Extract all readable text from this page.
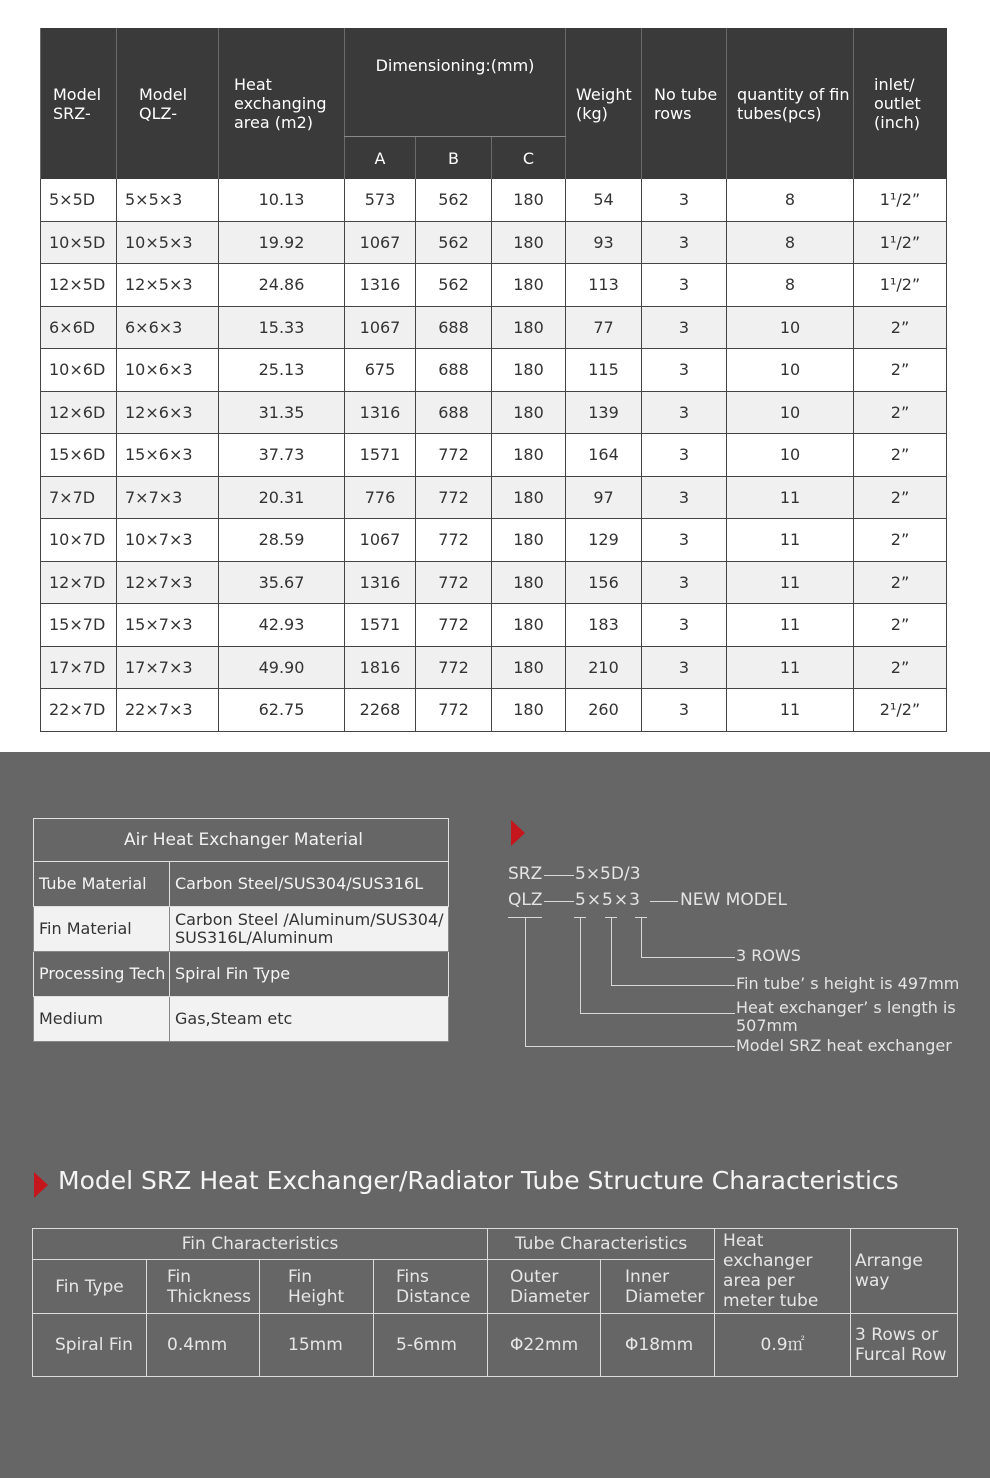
Model SRZ-	Model QLZ-	Heat exchanging area (m2)	Dimensioning:(mm)			Weight (kg)	No tube rows	quantity of fin tubes(pcs)	inlet/ outlet (inch)
			A	B	C				
5×5D	5×5×3	10.13	573	562	180	54	3	8	1¹/2”
10×5D	10×5×3	19.92	1067	562	180	93	3	8	1¹/2”
12×5D	12×5×3	24.86	1316	562	180	113	3	8	1¹/2”
6×6D	6×6×3	15.33	1067	688	180	77	3	10	2”
10×6D	10×6×3	25.13	675	688	180	115	3	10	2”
12×6D	12×6×3	31.35	1316	688	180	139	3	10	2”
15×6D	15×6×3	37.73	1571	772	180	164	3	10	2”
7×7D	7×7×3	20.31	776	772	180	97	3	11	2”
10×7D	10×7×3	28.59	1067	772	180	129	3	11	2”
12×7D	12×7×3	35.67	1316	772	180	156	3	11	2”
15×7D	15×7×3	42.93	1571	772	180	183	3	11	2”
17×7D	17×7×3	49.90	1816	772	180	210	3	11	2”
22×7D	22×7×3	62.75	2268	772	180	260	3	11	2¹/2”
Air Heat Exchanger Material	
Tube Material	Carbon Steel/SUS304/SUS316L
Fin Material	Carbon Steel /Aluminum/SUS304/ SUS316L/Aluminum
Processing Tech	Spiral Fin Type
Medium	Gas,Steam etc
SRZ 5×5D/3
QLZ 5×5×3 NEW MODEL
3 ROWS
Fin tube’ s height is 497mm
Heat exchanger’ s length is 507mm
Model SRZ heat exchanger
Model SRZ Heat Exchanger/Radiator Tube Structure Characteristics
Fin Characteristics				Tube Characteristics		Heat exchanger area per meter tube	Arrange way
Fin Type	Fin Thickness	Fin Height	Fins Distance	Outer Diameter	Inner Diameter		
Spiral Fin	0.4mm	15mm	5-6mm	Φ22mm	Φ18mm	0.9㎡	3 Rows or Furcal Row
